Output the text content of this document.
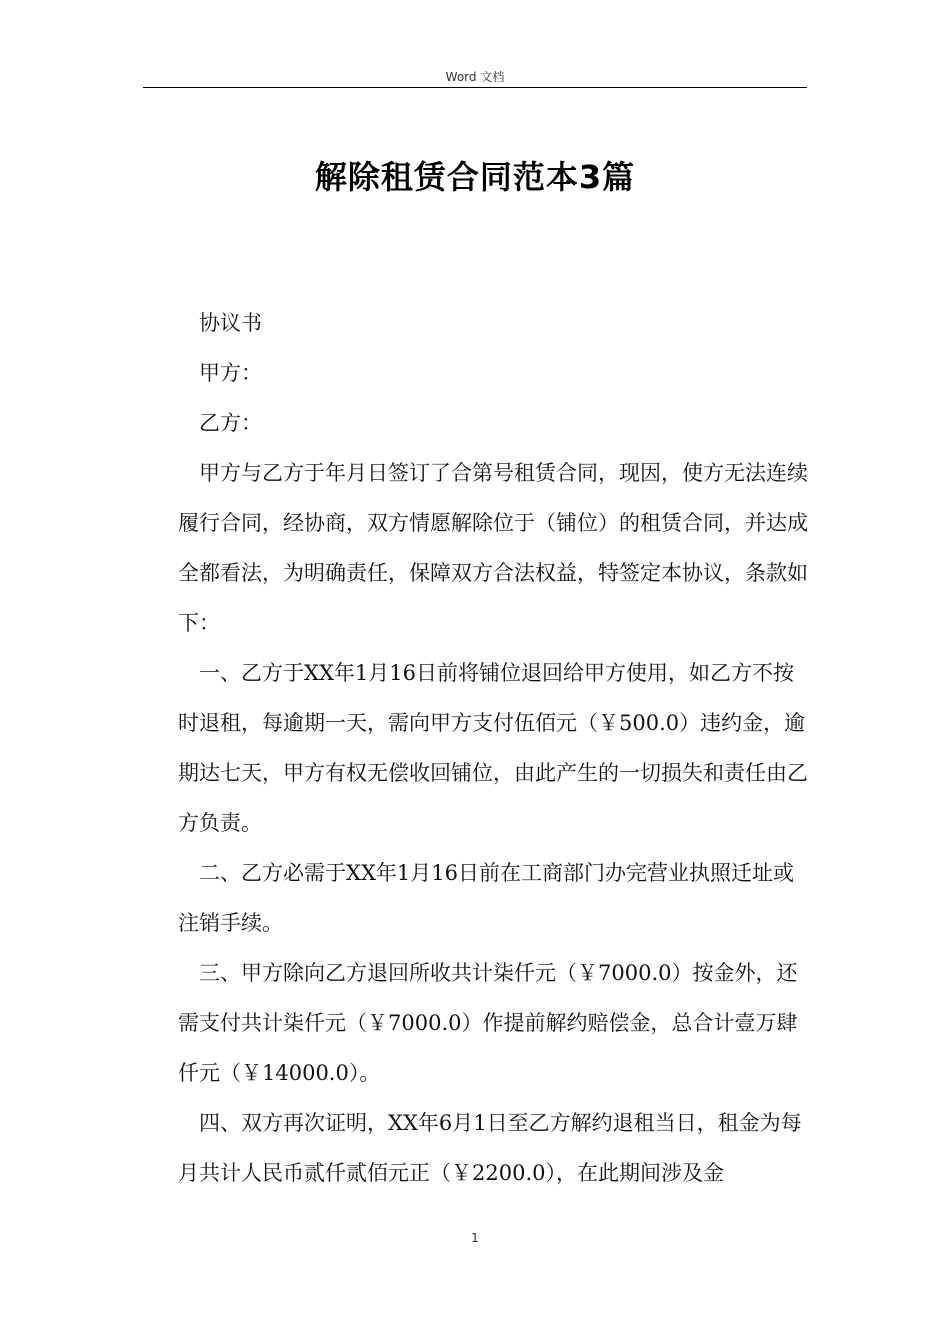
Word 文档
解除租赁合同范本3篇

协议书

甲方：

乙方：

甲方与乙方于年月日签订了合第号租赁合同，现因，使方无法连续履行合同，经协商，双方情愿解除位于（铺位）的租赁合同，并达成全都看法，为明确责任，保障双方合法权益，特签定本协议，条款如下：

一、乙方于XX年1月16日前将铺位退回给甲方使用，如乙方不按时退租，每逾期一天，需向甲方支付伍佰元（￥500.0）违约金，逾期达七天，甲方有权无偿收回铺位，由此产生的一切损失和责任由乙方负责。

二、乙方必需于XX年1月16日前在工商部门办完营业执照迁址或注销手续。

三、甲方除向乙方退回所收共计柒仟元（￥7000.0）按金外，还需支付共计柒仟元（￥7000.0）作提前解约赔偿金，总合计壹万肆仟元（￥14000.0）。

四、双方再次证明，XX年6月1日至乙方解约退租当日，租金为每月共计人民币贰仟贰佰元正（￥2200.0），在此期间涉及金

1
